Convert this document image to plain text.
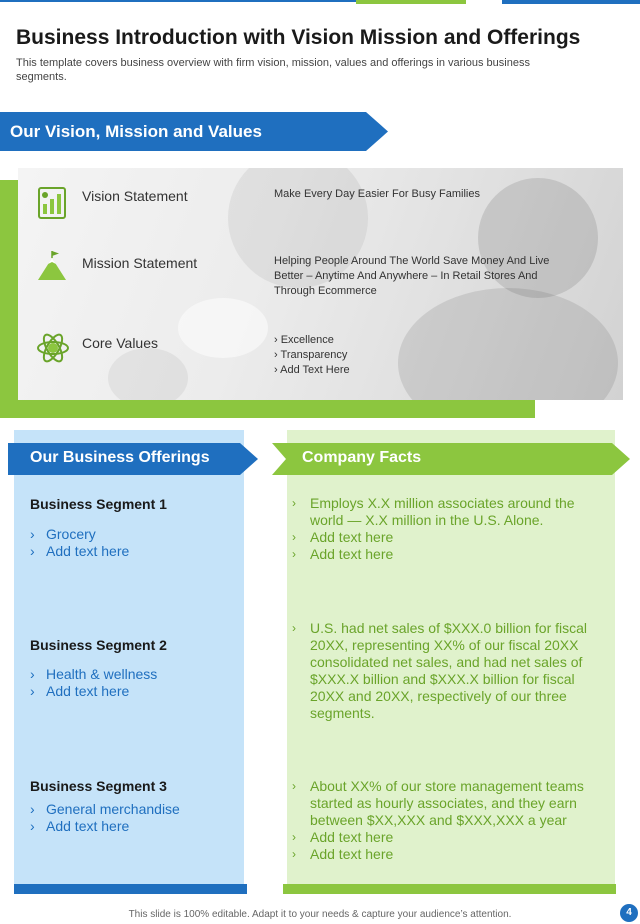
Business Introduction with Vision Mission and Offerings
This template covers business overview with firm vision, mission, values and offerings in various business segments.
Our Vision, Mission and Values
Vision Statement	Make Every Day Easier For Busy Families
Mission Statement	Helping People Around The World Save Money And Live Better – Anytime And Anywhere – In Retail Stores And Through Ecommerce
Core Values	› Excellence
› Transparency
› Add Text Here
Our Business Offerings
Business Segment 1
› Grocery
› Add text here
Business Segment 2
› Health & wellness
› Add text here
Business Segment 3
› General merchandise
› Add text here
Company Facts
› Employs X.X million associates around the world — X.X million in the U.S. Alone.
› Add text here
› Add text here
› U.S. had net sales of $XXX.0 billion for fiscal 20XX, representing XX% of our fiscal 20XX consolidated net sales, and had net sales of $XXX.X billion and $XXX.X billion for fiscal 20XX and 20XX, respectively of our three segments.
› About XX% of our store management teams started as hourly associates, and they earn between $XX,XXX and $XXX,XXX a year
› Add text here
› Add text here
This slide is 100% editable. Adapt it to your needs & capture your audience’s attention.	4
